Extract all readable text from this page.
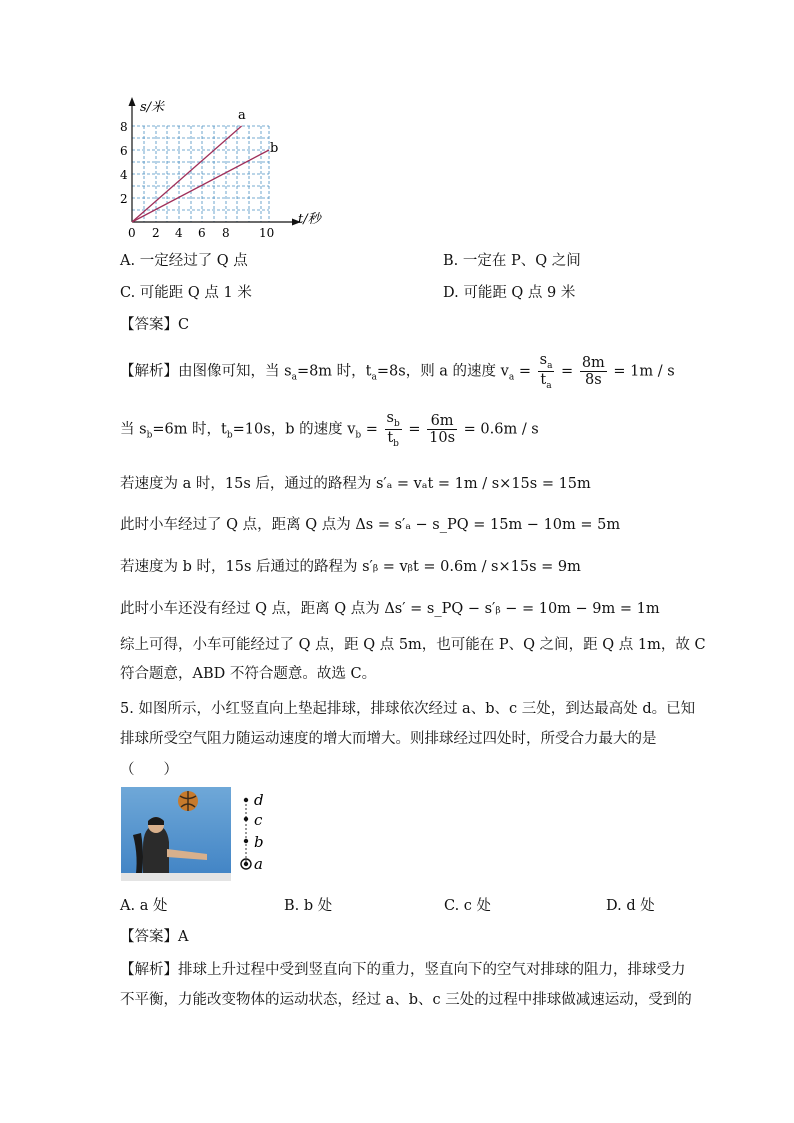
s/米
t/秒
8
6
4
2
0 2 4 6 8 10
a
b
A. 一定经过了 Q 点	B. 一定在 P、Q 之间
C. 可能距 Q 点 1 米	D. 可能距 Q 点 9 米
【答案】C
【解析】由图像可知，当 $s_a=8m$ 时，$t_a=8s$，则 a 的速度 $v_a = \frac{s_a}{t_a} = \frac{8m}{8s} = 1m / s$
当 $s_b=6m$ 时，$t_b=10s$，b 的速度 $v_b = \frac{s_b}{t_b} = \frac{6m}{10s} = 0.6m / s$
若速度为 a 时，15s 后，通过的路程为 s′ₐ = vₐt = 1m / s×15s = 15m
此时小车经过了 Q 点，距离 Q 点为 Δs = s′ₐ − s_PQ = 15m − 10m = 5m
若速度为 b 时，15s 后通过的路程为 s′ᵦ = vᵦt = 0.6m / s×15s = 9m
此时小车还没有经过 Q 点，距离 Q 点为 Δs′ = s_PQ − s′ᵦ − = 10m − 9m = 1m
综上可得，小车可能经过了 Q 点，距 Q 点 5m，也可能在 P、Q 之间，距 Q 点 1m，故 C
符合题意，ABD 不符合题意。故选 C。
5. 如图所示，小红竖直向上垫起排球，排球依次经过 a、b、c 三处，到达最高处 d。已知
排球所受空气阻力随运动速度的增大而增大。则排球经过四处时，所受合力最大的是
（　　）
d
c
b
a
A. a 处	B. b 处	C. c 处	D. d 处
【答案】A
【解析】排球上升过程中受到竖直向下的重力，竖直向下的空气对排球的阻力，排球受力
不平衡，力能改变物体的运动状态，经过 a、b、c 三处的过程中排球做减速运动，受到的
